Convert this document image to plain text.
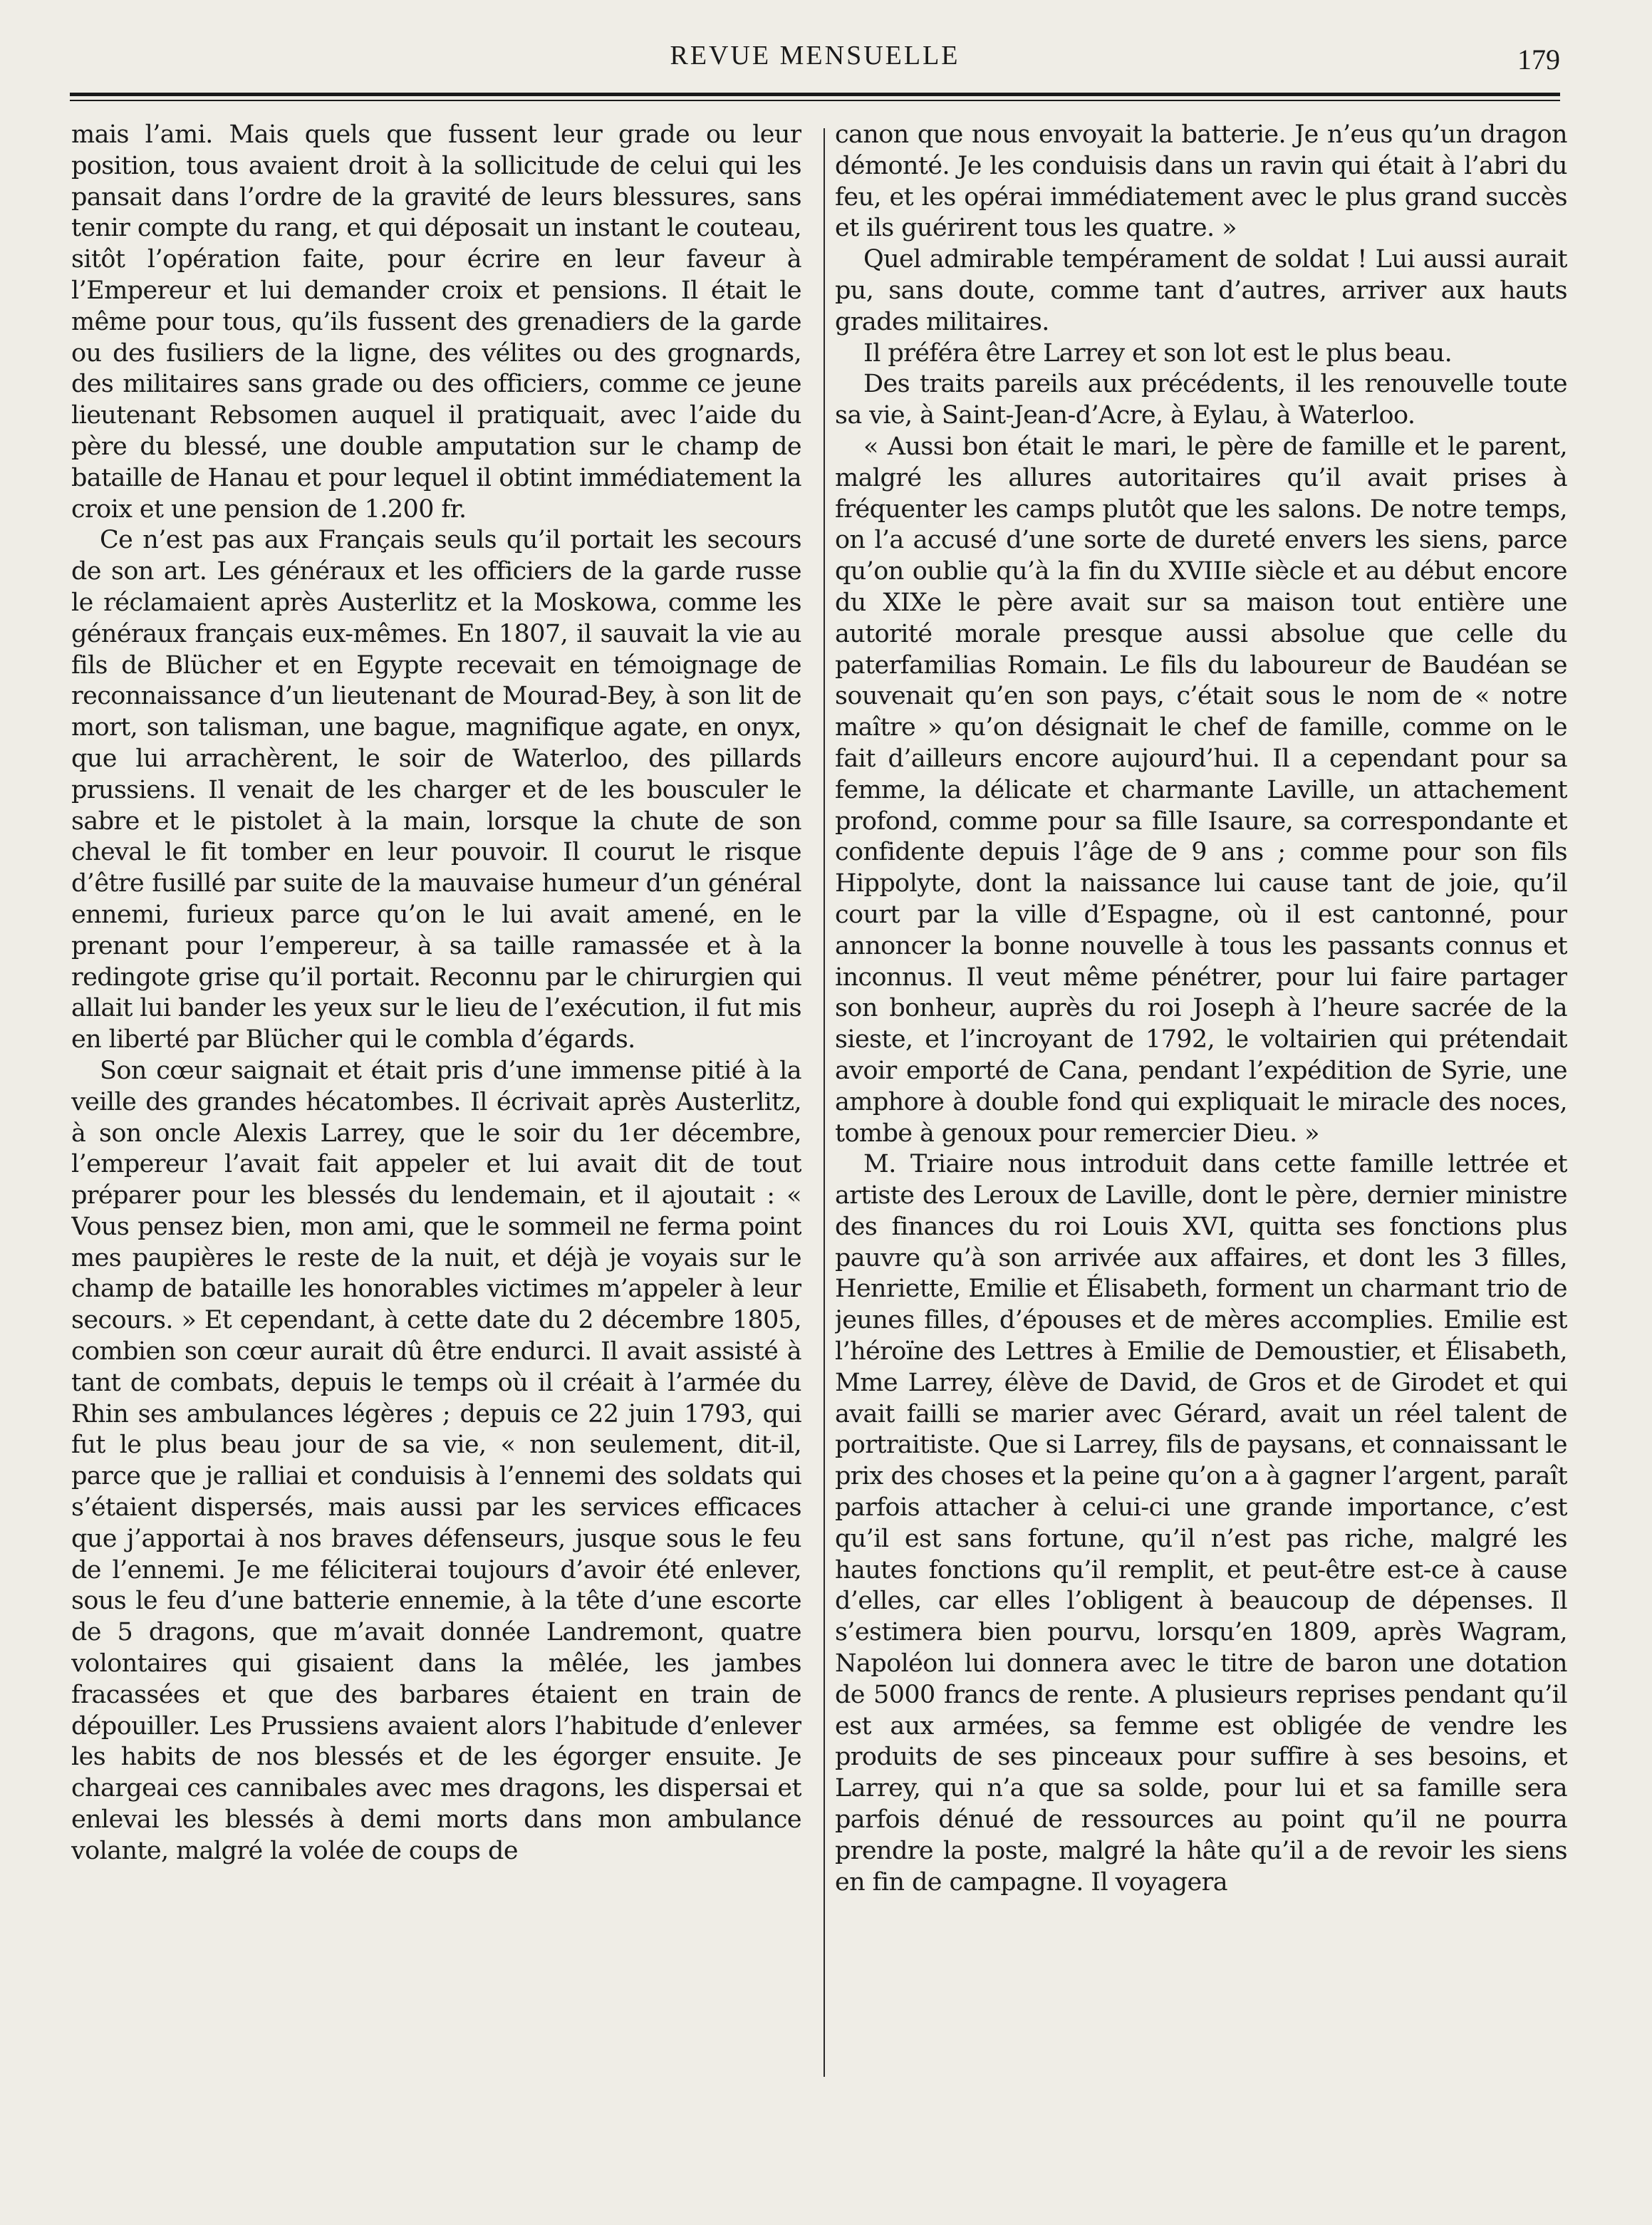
REVUE MENSUELLE	179

mais l’ami. Mais quels que fussent leur grade ou leur position, tous avaient droit à la sollicitude de celui qui les pansait dans l’ordre de la gravité de leurs blessures, sans tenir compte du rang, et qui déposait un instant le couteau, sitôt l’opération faite, pour écrire en leur faveur à l’Empereur et lui demander croix et pensions. Il était le même pour tous, qu’ils fussent des grenadiers de la garde ou des fusiliers de la ligne, des vélites ou des grognards, des militaires sans grade ou des officiers, comme ce jeune lieutenant Rebsomen auquel il pratiquait, avec l’aide du père du blessé, une double amputation sur le champ de bataille de Hanau et pour lequel il obtint immédiatement la croix et une pension de 1.200 fr.

Ce n’est pas aux Français seuls qu’il portait les secours de son art. Les généraux et les officiers de la garde russe le réclamaient après Austerlitz et la Moskowa, comme les généraux français eux-mêmes. En 1807, il sauvait la vie au fils de Blücher et en Egypte recevait en témoignage de reconnaissance d’un lieutenant de Mourad-Bey, à son lit de mort, son talisman, une bague, magnifique agate, en onyx, que lui arrachèrent, le soir de Waterloo, des pillards prussiens. Il venait de les charger et de les bousculer le sabre et le pistolet à la main, lorsque la chute de son cheval le fit tomber en leur pouvoir. Il courut le risque d’être fusillé par suite de la mauvaise humeur d’un général ennemi, furieux parce qu’on le lui avait amené, en le prenant pour l’empereur, à sa taille ramassée et à la redingote grise qu’il portait. Reconnu par le chirurgien qui allait lui bander les yeux sur le lieu de l’exécution, il fut mis en liberté par Blücher qui le combla d’égards.

Son cœur saignait et était pris d’une immense pitié à la veille des grandes hécatombes. Il écrivait après Austerlitz, à son oncle Alexis Larrey, que le soir du 1er décembre, l’empereur l’avait fait appeler et lui avait dit de tout préparer pour les blessés du lendemain, et il ajoutait : « Vous pensez bien, mon ami, que le sommeil ne ferma point mes paupières le reste de la nuit, et déjà je voyais sur le champ de bataille les honorables victimes m’appeler à leur secours. » Et cependant, à cette date du 2 décembre 1805, combien son cœur aurait dû être endurci. Il avait assisté à tant de combats, depuis le temps où il créait à l’armée du Rhin ses ambulances légères ; depuis ce 22 juin 1793, qui fut le plus beau jour de sa vie, « non seulement, dit-il, parce que je ralliai et conduisis à l’ennemi des soldats qui s’étaient dispersés, mais aussi par les services efficaces que j’apportai à nos braves défenseurs, jusque sous le feu de l’ennemi. Je me féliciterai toujours d’avoir été enlever, sous le feu d’une batterie ennemie, à la tête d’une escorte de 5 dragons, que m’avait donnée Landremont, quatre volontaires qui gisaient dans la mêlée, les jambes fracassées et que des barbares étaient en train de dépouiller. Les Prussiens avaient alors l’habitude d’enlever les habits de nos blessés et de les égorger ensuite. Je chargeai ces cannibales avec mes dragons, les dispersai et enlevai les blessés à demi morts dans mon ambulance volante, malgré la volée de coups de

canon que nous envoyait la batterie. Je n’eus qu’un dragon démonté. Je les conduisis dans un ravin qui était à l’abri du feu, et les opérai immédiatement avec le plus grand succès et ils guérirent tous les quatre. »

Quel admirable tempérament de soldat ! Lui aussi aurait pu, sans doute, comme tant d’autres, arriver aux hauts grades militaires.

Il préféra être Larrey et son lot est le plus beau.

Des traits pareils aux précédents, il les renouvelle toute sa vie, à Saint-Jean-d’Acre, à Eylau, à Waterloo.

« Aussi bon était le mari, le père de famille et le parent, malgré les allures autoritaires qu’il avait prises à fréquenter les camps plutôt que les salons. De notre temps, on l’a accusé d’une sorte de dureté envers les siens, parce qu’on oublie qu’à la fin du XVIIIe siècle et au début encore du XIXe le père avait sur sa maison tout entière une autorité morale presque aussi absolue que celle du paterfamilias Romain. Le fils du laboureur de Baudéan se souvenait qu’en son pays, c’était sous le nom de « notre maître » qu’on désignait le chef de famille, comme on le fait d’ailleurs encore aujourd’hui. Il a cependant pour sa femme, la délicate et charmante Laville, un attachement profond, comme pour sa fille Isaure, sa correspondante et confidente depuis l’âge de 9 ans ; comme pour son fils Hippolyte, dont la naissance lui cause tant de joie, qu’il court par la ville d’Espagne, où il est cantonné, pour annoncer la bonne nouvelle à tous les passants connus et inconnus. Il veut même pénétrer, pour lui faire partager son bonheur, auprès du roi Joseph à l’heure sacrée de la sieste, et l’incroyant de 1792, le voltairien qui prétendait avoir emporté de Cana, pendant l’expédition de Syrie, une amphore à double fond qui expliquait le miracle des noces, tombe à genoux pour remercier Dieu. »

M. Triaire nous introduit dans cette famille lettrée et artiste des Leroux de Laville, dont le père, dernier ministre des finances du roi Louis XVI, quitta ses fonctions plus pauvre qu’à son arrivée aux affaires, et dont les 3 filles, Henriette, Emilie et Élisabeth, forment un charmant trio de jeunes filles, d’épouses et de mères accomplies. Emilie est l’héroïne des Lettres à Emilie de Demoustier, et Élisabeth, Mme Larrey, élève de David, de Gros et de Girodet et qui avait failli se marier avec Gérard, avait un réel talent de portraitiste. Que si Larrey, fils de paysans, et connaissant le prix des choses et la peine qu’on a à gagner l’argent, paraît parfois attacher à celui-ci une grande importance, c’est qu’il est sans fortune, qu’il n’est pas riche, malgré les hautes fonctions qu’il remplit, et peut-être est-ce à cause d’elles, car elles l’obligent à beaucoup de dépenses. Il s’estimera bien pourvu, lorsqu’en 1809, après Wagram, Napoléon lui donnera avec le titre de baron une dotation de 5000 francs de rente. A plusieurs reprises pendant qu’il est aux armées, sa femme est obligée de vendre les produits de ses pinceaux pour suffire à ses besoins, et Larrey, qui n’a que sa solde, pour lui et sa famille sera parfois dénué de ressources au point qu’il ne pourra prendre la poste, malgré la hâte qu’il a de revoir les siens en fin de campagne. Il voyagera
